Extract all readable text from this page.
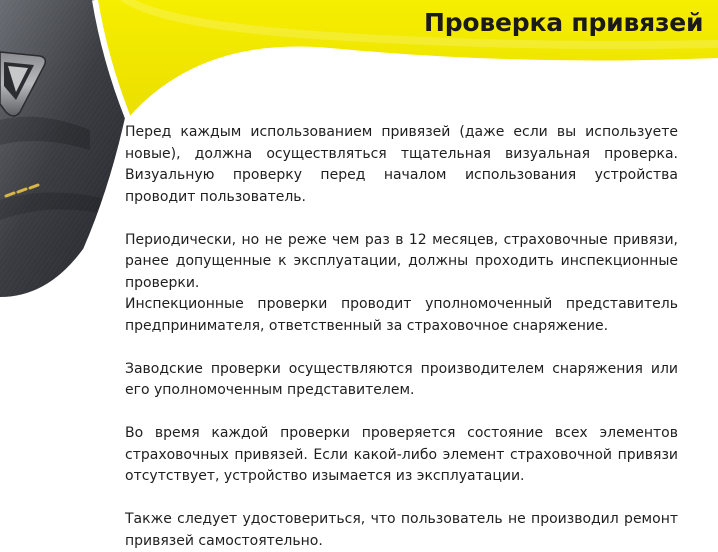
Проверка привязей

Перед каждым использованием привязей (даже если вы используете новые), должна осуществляться тщательная визуальная проверка. Визуальную проверку перед началом использования устройства проводит пользователь.

Периодически, но не реже чем раз в 12 месяцев, страховочные привязи, ранее допущенные к эксплуатации, должны проходить инспекционные проверки.

Инспекционные проверки проводит уполномоченный представитель предпринимателя, ответственный за страховочное снаряжение.

Заводские проверки осуществляются производителем снаряжения или его уполномоченным представителем.

Во время каждой проверки проверяется состояние всех элементов страховочных привязей. Если какой-либо элемент страховочной привязи отсутствует, устройство изымается из эксплуатации.

Также следует удостовериться, что пользователь не производил ремонт привязей самостоятельно.
